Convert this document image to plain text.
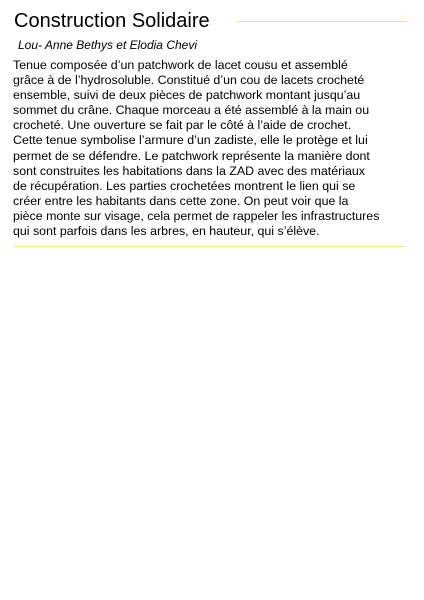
Construction Solidaire

Lou- Anne Bethys et Elodia Chevi

Tenue composée d’un patchwork de lacet cousu et assemblé
grâce à de l’hydrosoluble. Constitué d’un cou de lacets crocheté
ensemble, suivi de deux pièces de patchwork montant jusqu’au
sommet du crâne. Chaque morceau a été assemblé à la main ou
crocheté. Une ouverture se fait par le côté à l’aide de crochet.
Cette tenue symbolise l’armure d’un zadiste, elle le protège et lui
permet de se défendre. Le patchwork représente la manière dont
sont construites les habitations dans la ZAD avec des matériaux
de récupération. Les parties crochetées montrent le lien qui se
créer entre les habitants dans cette zone. On peut voir que la
pièce monte sur visage, cela permet de rappeler les infrastructures
qui sont parfois dans les arbres, en hauteur, qui s’élève.
